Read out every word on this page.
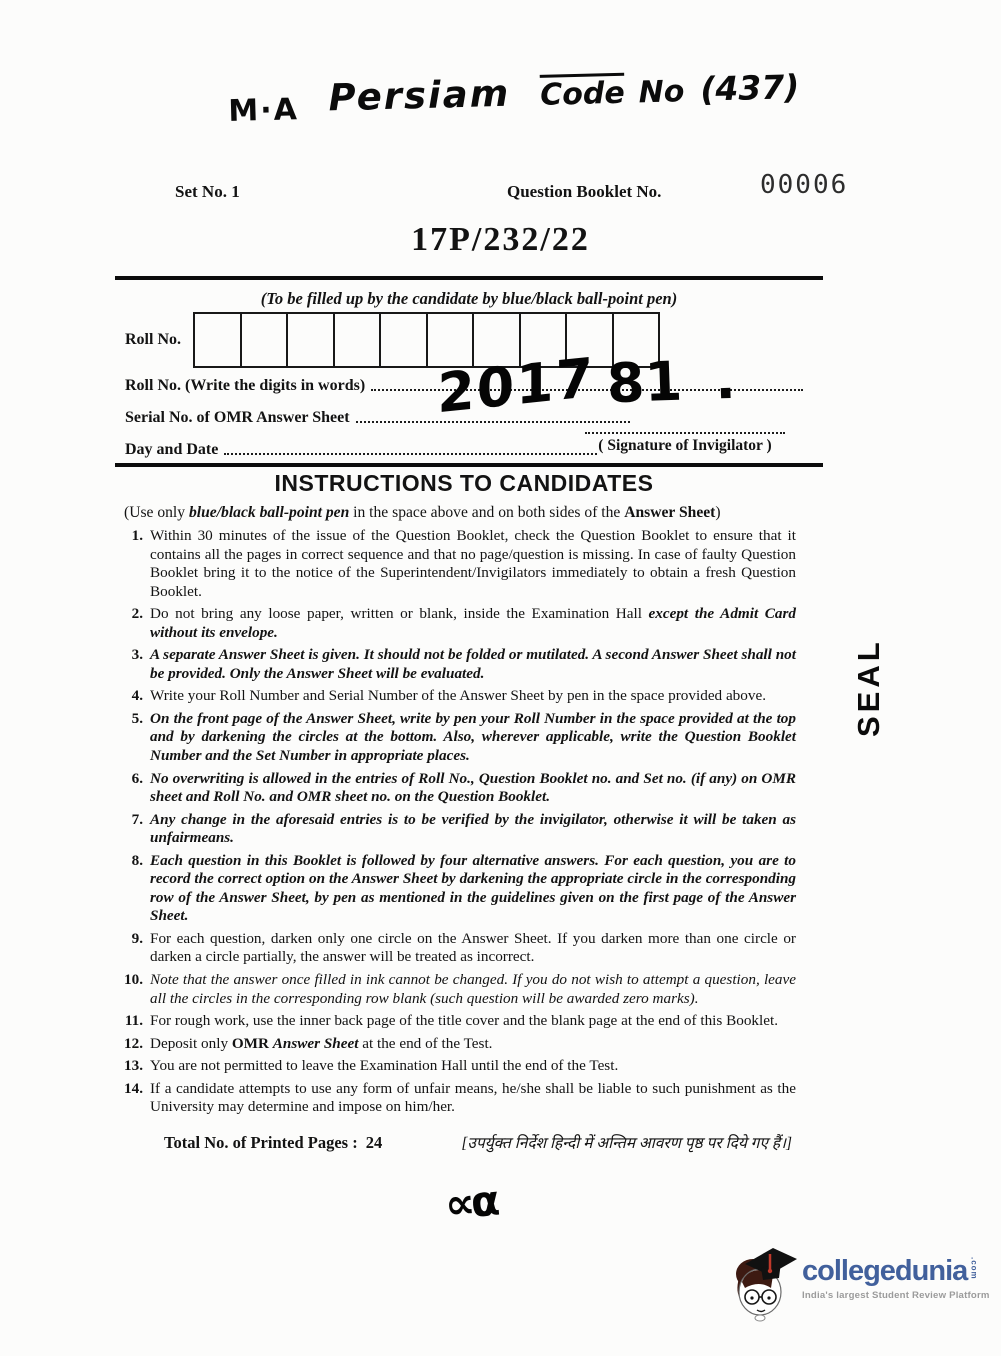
M·A Persiam Code No (437)
Set No. 1	Question Booklet No.	00006
17P/232/22
(To be filled up by the candidate by blue/black ball-point pen)
Roll No.
Roll No. (Write the digits in words)
Serial No. of OMR Answer Sheet
Day and Date	( Signature of Invigilator )
2017 81 .
INSTRUCTIONS TO CANDIDATES
(Use only blue/black ball-point pen in the space above and on both sides of the Answer Sheet)
1. Within 30 minutes of the issue of the Question Booklet, check the Question Booklet to ensure that it contains all the pages in correct sequence and that no page/question is missing. In case of faulty Question Booklet bring it to the notice of the Superintendent/Invigilators immediately to obtain a fresh Question Booklet.
2. Do not bring any loose paper, written or blank, inside the Examination Hall except the Admit Card without its envelope.
3. A separate Answer Sheet is given. It should not be folded or mutilated. A second Answer Sheet shall not be provided. Only the Answer Sheet will be evaluated.
4. Write your Roll Number and Serial Number of the Answer Sheet by pen in the space provided above.
5. On the front page of the Answer Sheet, write by pen your Roll Number in the space provided at the top and by darkening the circles at the bottom. Also, wherever applicable, write the Question Booklet Number and the Set Number in appropriate places.
6. No overwriting is allowed in the entries of Roll No., Question Booklet no. and Set no. (if any) on OMR sheet and Roll No. and OMR sheet no. on the Question Booklet.
7. Any change in the aforesaid entries is to be verified by the invigilator, otherwise it will be taken as unfairmeans.
8. Each question in this Booklet is followed by four alternative answers. For each question, you are to record the correct option on the Answer Sheet by darkening the appropriate circle in the corresponding row of the Answer Sheet, by pen as mentioned in the guidelines given on the first page of the Answer Sheet.
9. For each question, darken only one circle on the Answer Sheet. If you darken more than one circle or darken a circle partially, the answer will be treated as incorrect.
10. Note that the answer once filled in ink cannot be changed. If you do not wish to attempt a question, leave all the circles in the corresponding row blank (such question will be awarded zero marks).
11. For rough work, use the inner back page of the title cover and the blank page at the end of this Booklet.
12. Deposit only OMR Answer Sheet at the end of the Test.
13. You are not permitted to leave the Examination Hall until the end of the Test.
14. If a candidate attempts to use any form of unfair means, he/she shall be liable to such punishment as the University may determine and impose on him/her.
Total No. of Printed Pages : 24	[उपर्युक्त निर्देश हिन्दी में अन्तिम आवरण पृष्ठ पर दिये गए हैं।]
SEAL
∝α
collegedunia .com
India's largest Student Review Platform
